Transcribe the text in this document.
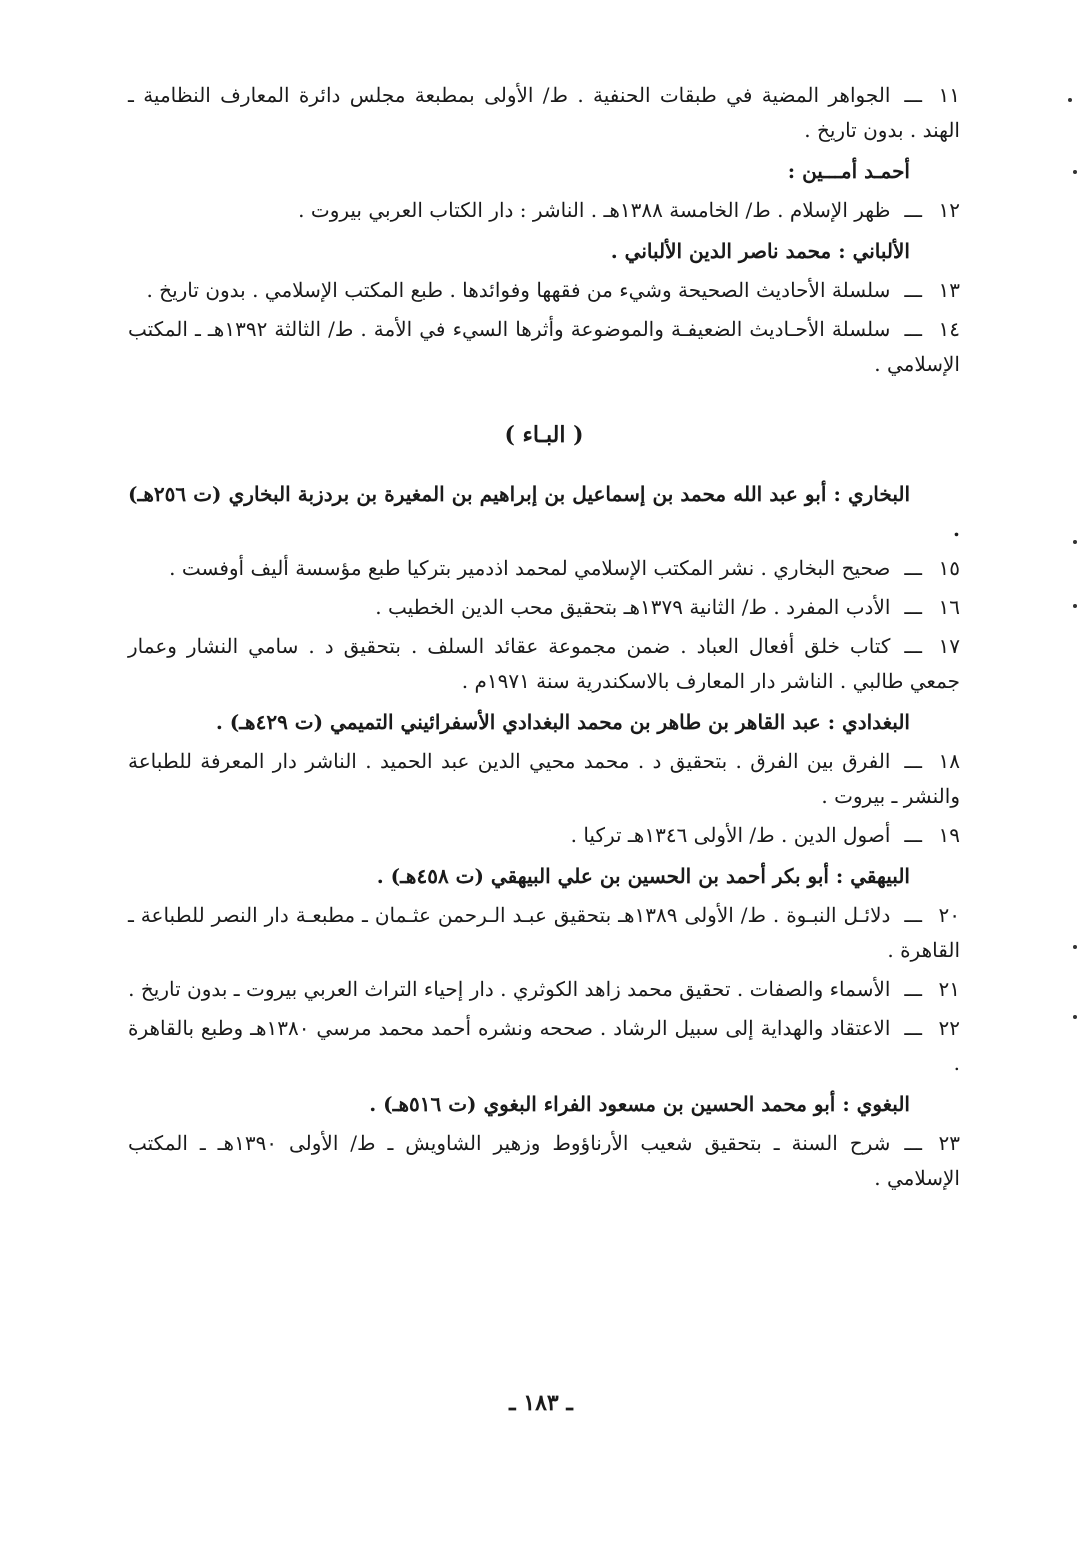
١١ـــالجواهر المضية في طبقات الحنفية . ط/ الأولى بمطبعة مجلس دائرة المعارف النظامية ـ الهند . بدون تاريخ .
أحمـد أمـــين :
١٢ـــظهر الإسلام . ط/ الخامسة ١٣٨٨هـ . الناشر : دار الكتاب العربي بيروت .
الألباني : محمد ناصر الدين الألباني .
١٣ـــسلسلة الأحاديث الصحيحة وشيء من فقهها وفوائدها . طبع المكتب الإسلامي . بدون تاريخ .
١٤ـــسلسلة الأحـاديث الضعيفـة والموضوعة وأثرها السيء في الأمة . ط/ الثالثة ١٣٩٢هـ ـ المكتب الإسلامي .
( البـاء )
البخاري : أبو عبد الله محمد بن إسماعيل بن إبراهيم بن المغيرة بن بردزبة البخاري (ت ٢٥٦هـ) .
١٥ـــصحيح البخاري . نشر المكتب الإسلامي لمحمد اذدمير بتركيا طبع مؤسسة أليف أوفست .
١٦ـــالأدب المفرد . ط/ الثانية ١٣٧٩هـ بتحقيق محب الدين الخطيب .
١٧ـــكتاب خلق أفعال العباد . ضمن مجموعة عقائد السلف . بتحقيق د . سامي النشار وعمار جمعي طالبي . الناشر دار المعارف بالاسكندرية سنة ١٩٧١م .
البغدادي : عبد القاهر بن طاهر بن محمد البغدادي الأسفرائيني التميمي (ت ٤٢٩هـ) .
١٨ـــالفرق بين الفرق . بتحقيق د . محمد محيي الدين عبد الحميد . الناشر دار المعرفة للطباعة والنشر ـ بيروت .
١٩ـــأصول الدين . ط/ الأولى ١٣٤٦هـ تركيا .
البيهقي : أبو بكر أحمد بن الحسين بن علي البيهقي (ت ٤٥٨هـ) .
٢٠ـــدلائـل النبـوة . ط/ الأولى ١٣٨٩هـ بتحقيق عبـد الـرحمن عثـمان ـ مطبعـة دار النصر للطباعة ـ القاهرة .
٢١ـــالأسماء والصفات . تحقيق محمد زاهد الكوثري . دار إحياء التراث العربي بيروت ـ بدون تاريخ .
٢٢ـــالاعتقاد والهداية إلى سبيل الرشاد . صححه ونشره أحمد محمد مرسي ١٣٨٠هـ وطبع بالقاهرة .
البغوي : أبو محمد الحسين بن مسعود الفراء البغوي (ت ٥١٦هـ) .
٢٣ـــشرح السنة ـ بتحقيق شعيب الأرناؤوط وزهير الشاويش ـ ط/ الأولى ١٣٩٠هـ ـ المكتب الإسلامي .
ـ ١٨٣ ـ
